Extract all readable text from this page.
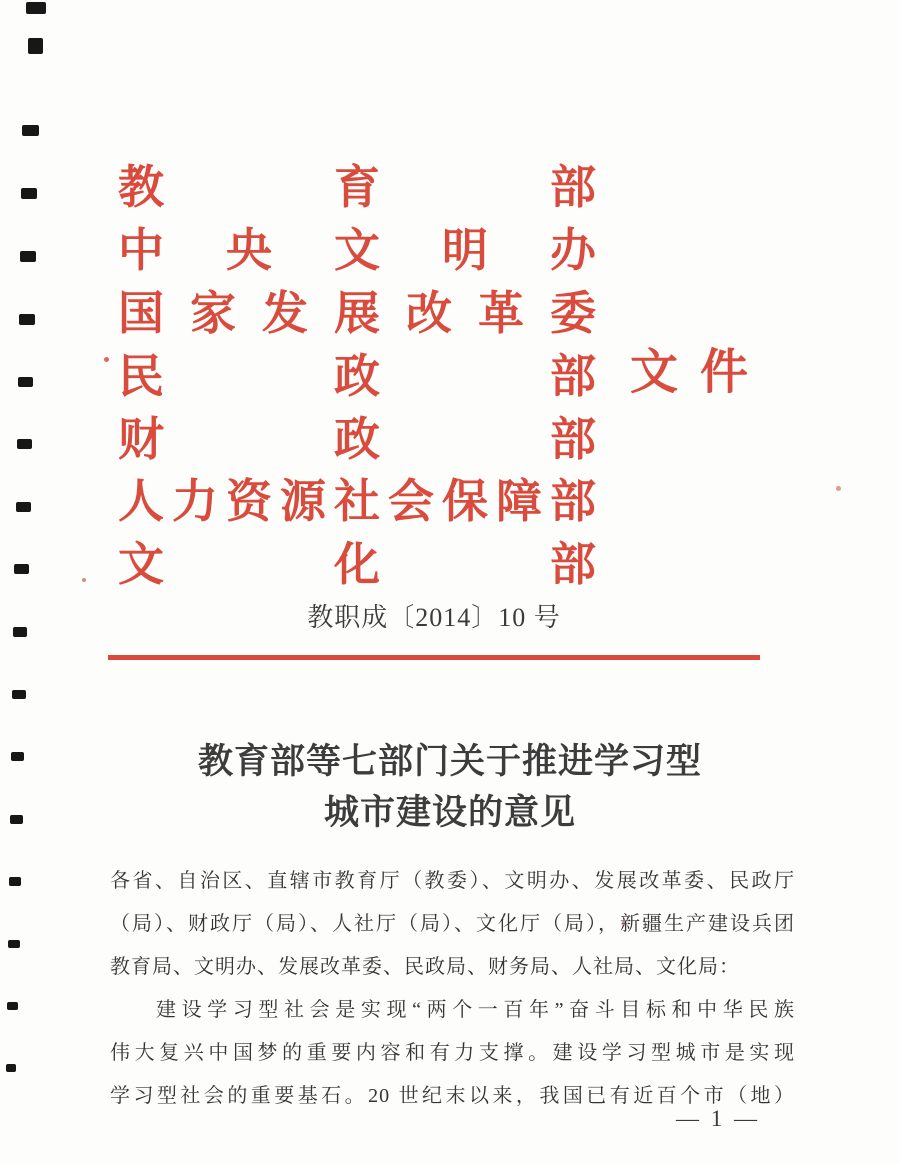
教	育	部
中 央 文 明 办
国 家 发 展 改 革 委
民	政	部
财	政	部
人 力 资 源 社 会 保 障 部
文	化	部
文 件
教职成〔2014〕10 号
教育部等七部门关于推进学习型
城市建设的意见
各省、自治区、直辖市教育厅（教委）、文明办、发展改革委、民政厅
（局）、财政厅（局）、人社厅（局）、文化厅（局），新疆生产建设兵团
教育局、文明办、发展改革委、民政局、财务局、人社局、文化局：
建设学习型社会是实现“两个一百年”奋斗目标和中华民族
伟大复兴中国梦的重要内容和有力支撑。建设学习型城市是实现
学习型社会的重要基石。20 世纪末以来，我国已有近百个市（地）
— 1 —
